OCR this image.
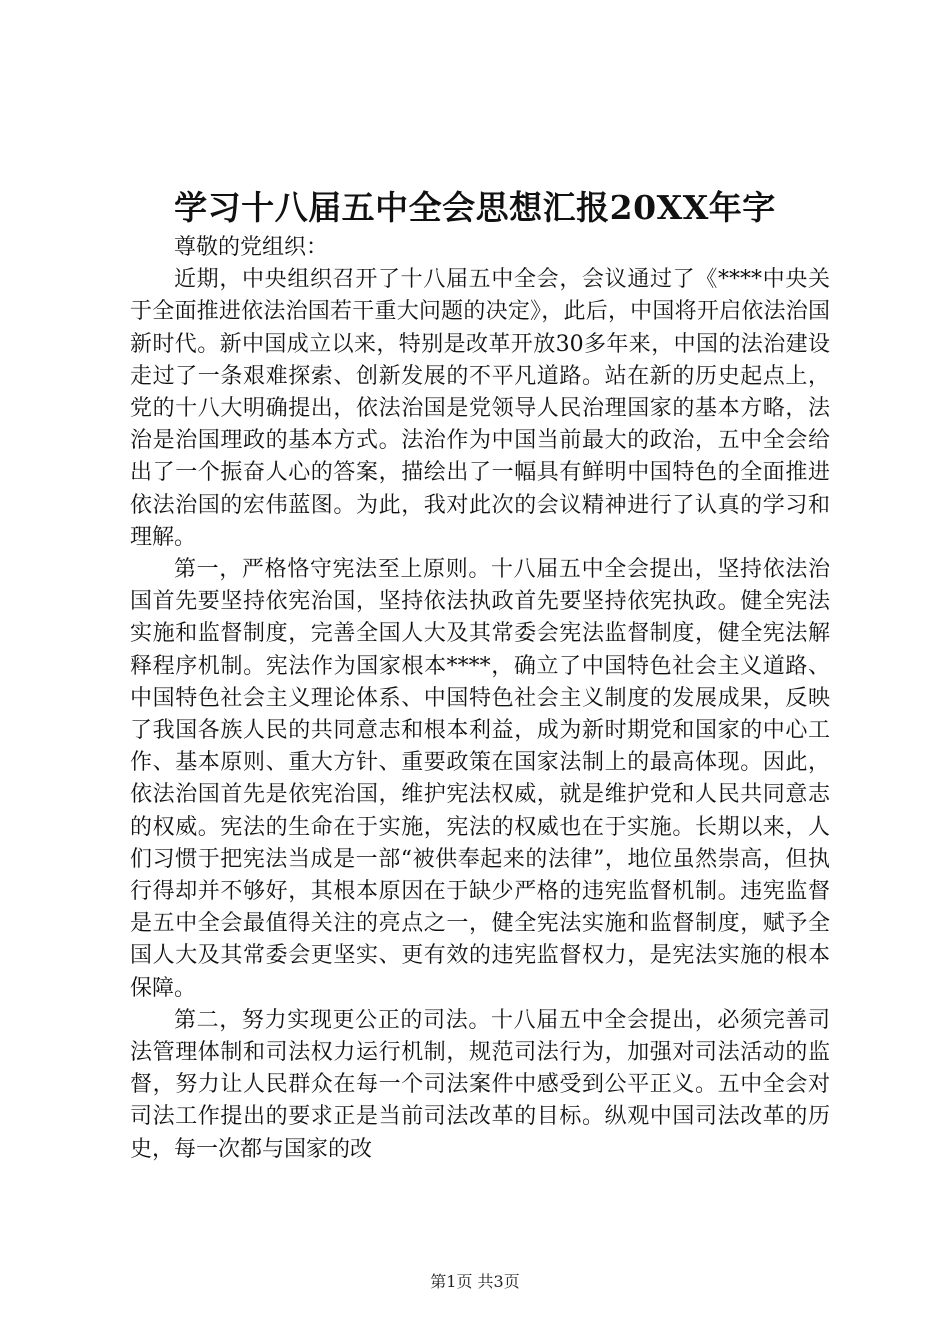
学习十八届五中全会思想汇报20XX年字

尊敬的党组织：

近期，中央组织召开了十八届五中全会，会议通过了《****中央关于全面推进依法治国若干重大问题的决定》，此后，中国将开启依法治国新时代。新中国成立以来，特别是改革开放30多年来，中国的法治建设走过了一条艰难探索、创新发展的不平凡道路。站在新的历史起点上，党的十八大明确提出，依法治国是党领导人民治理国家的基本方略，法治是治国理政的基本方式。法治作为中国当前最大的政治，五中全会给出了一个振奋人心的答案，描绘出了一幅具有鲜明中国特色的全面推进依法治国的宏伟蓝图。为此，我对此次的会议精神进行了认真的学习和理解。

第一，严格恪守宪法至上原则。十八届五中全会提出，坚持依法治国首先要坚持依宪治国，坚持依法执政首先要坚持依宪执政。健全宪法实施和监督制度，完善全国人大及其常委会宪法监督制度，健全宪法解释程序机制。宪法作为国家根本****，确立了中国特色社会主义道路、中国特色社会主义理论体系、中国特色社会主义制度的发展成果，反映了我国各族人民的共同意志和根本利益，成为新时期党和国家的中心工作、基本原则、重大方针、重要政策在国家法制上的最高体现。因此，依法治国首先是依宪治国，维护宪法权威，就是维护党和人民共同意志的权威。宪法的生命在于实施，宪法的权威也在于实施。长期以来，人们习惯于把宪法当成是一部“被供奉起来的法律”，地位虽然崇高，但执行得却并不够好，其根本原因在于缺少严格的违宪监督机制。违宪监督是五中全会最值得关注的亮点之一，健全宪法实施和监督制度，赋予全国人大及其常委会更坚实、更有效的违宪监督权力，是宪法实施的根本保障。

第二，努力实现更公正的司法。十八届五中全会提出，必须完善司法管理体制和司法权力运行机制，规范司法行为，加强对司法活动的监督，努力让人民群众在每一个司法案件中感受到公平正义。五中全会对司法工作提出的要求正是当前司法改革的目标。纵观中国司法改革的历史，每一次都与国家的改

第1页 共3页
